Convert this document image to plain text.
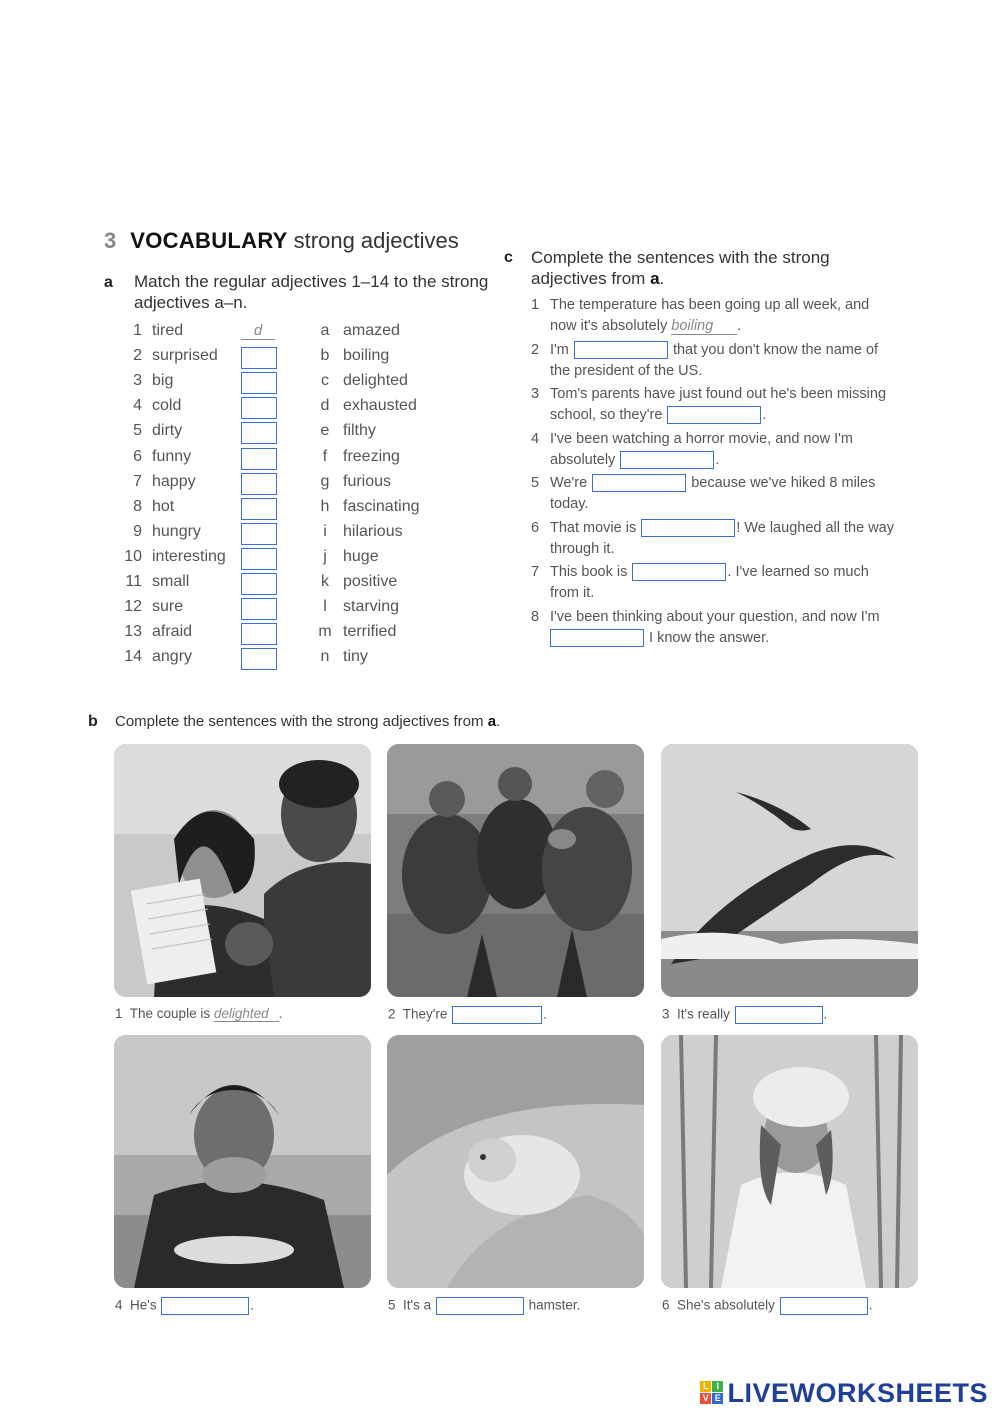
3 VOCABULARY strong adjectives
a Match the regular adjectives 1–14 to the strong adjectives a–n.
1 tired	d	a amazed
2 surprised	b boiling
3 big	c delighted
4 cold	d exhausted
5 dirty	e filthy
6 funny	f freezing
7 happy	g furious
8 hot	h fascinating
9 hungry	i	hilarious
10 interesting	j	huge
11 small	k positive
12 sure	l	starving
13 afraid	m terrified
14 angry	n tiny
c Complete the sentences with the strong adjectives from a.
1 The temperature has been going up all week, and
now it's absolutely boiling .
2 I'm	that you don't know the name of
the president of the US.
3 Tom's parents have just found out he's been missing
school, so they're	.
4 I've been watching a horror movie, and now I'm
absolutely	.
5 We're	because we've hiked 8 miles
today.
6 That movie is	! We laughed all the way
through it.
7 This book is	. I've learned so much
from it.
8 I've been thinking about your question, and now I'm
I know the answer.
b Complete the sentences with the strong adjectives from a.
1 The couple is delighted .	2 They're	.	3 It's really	.
4 He's	.	5 It's a	hamster.	6 She's absolutely	.
L I
V E LIVEWORKSHEETS
